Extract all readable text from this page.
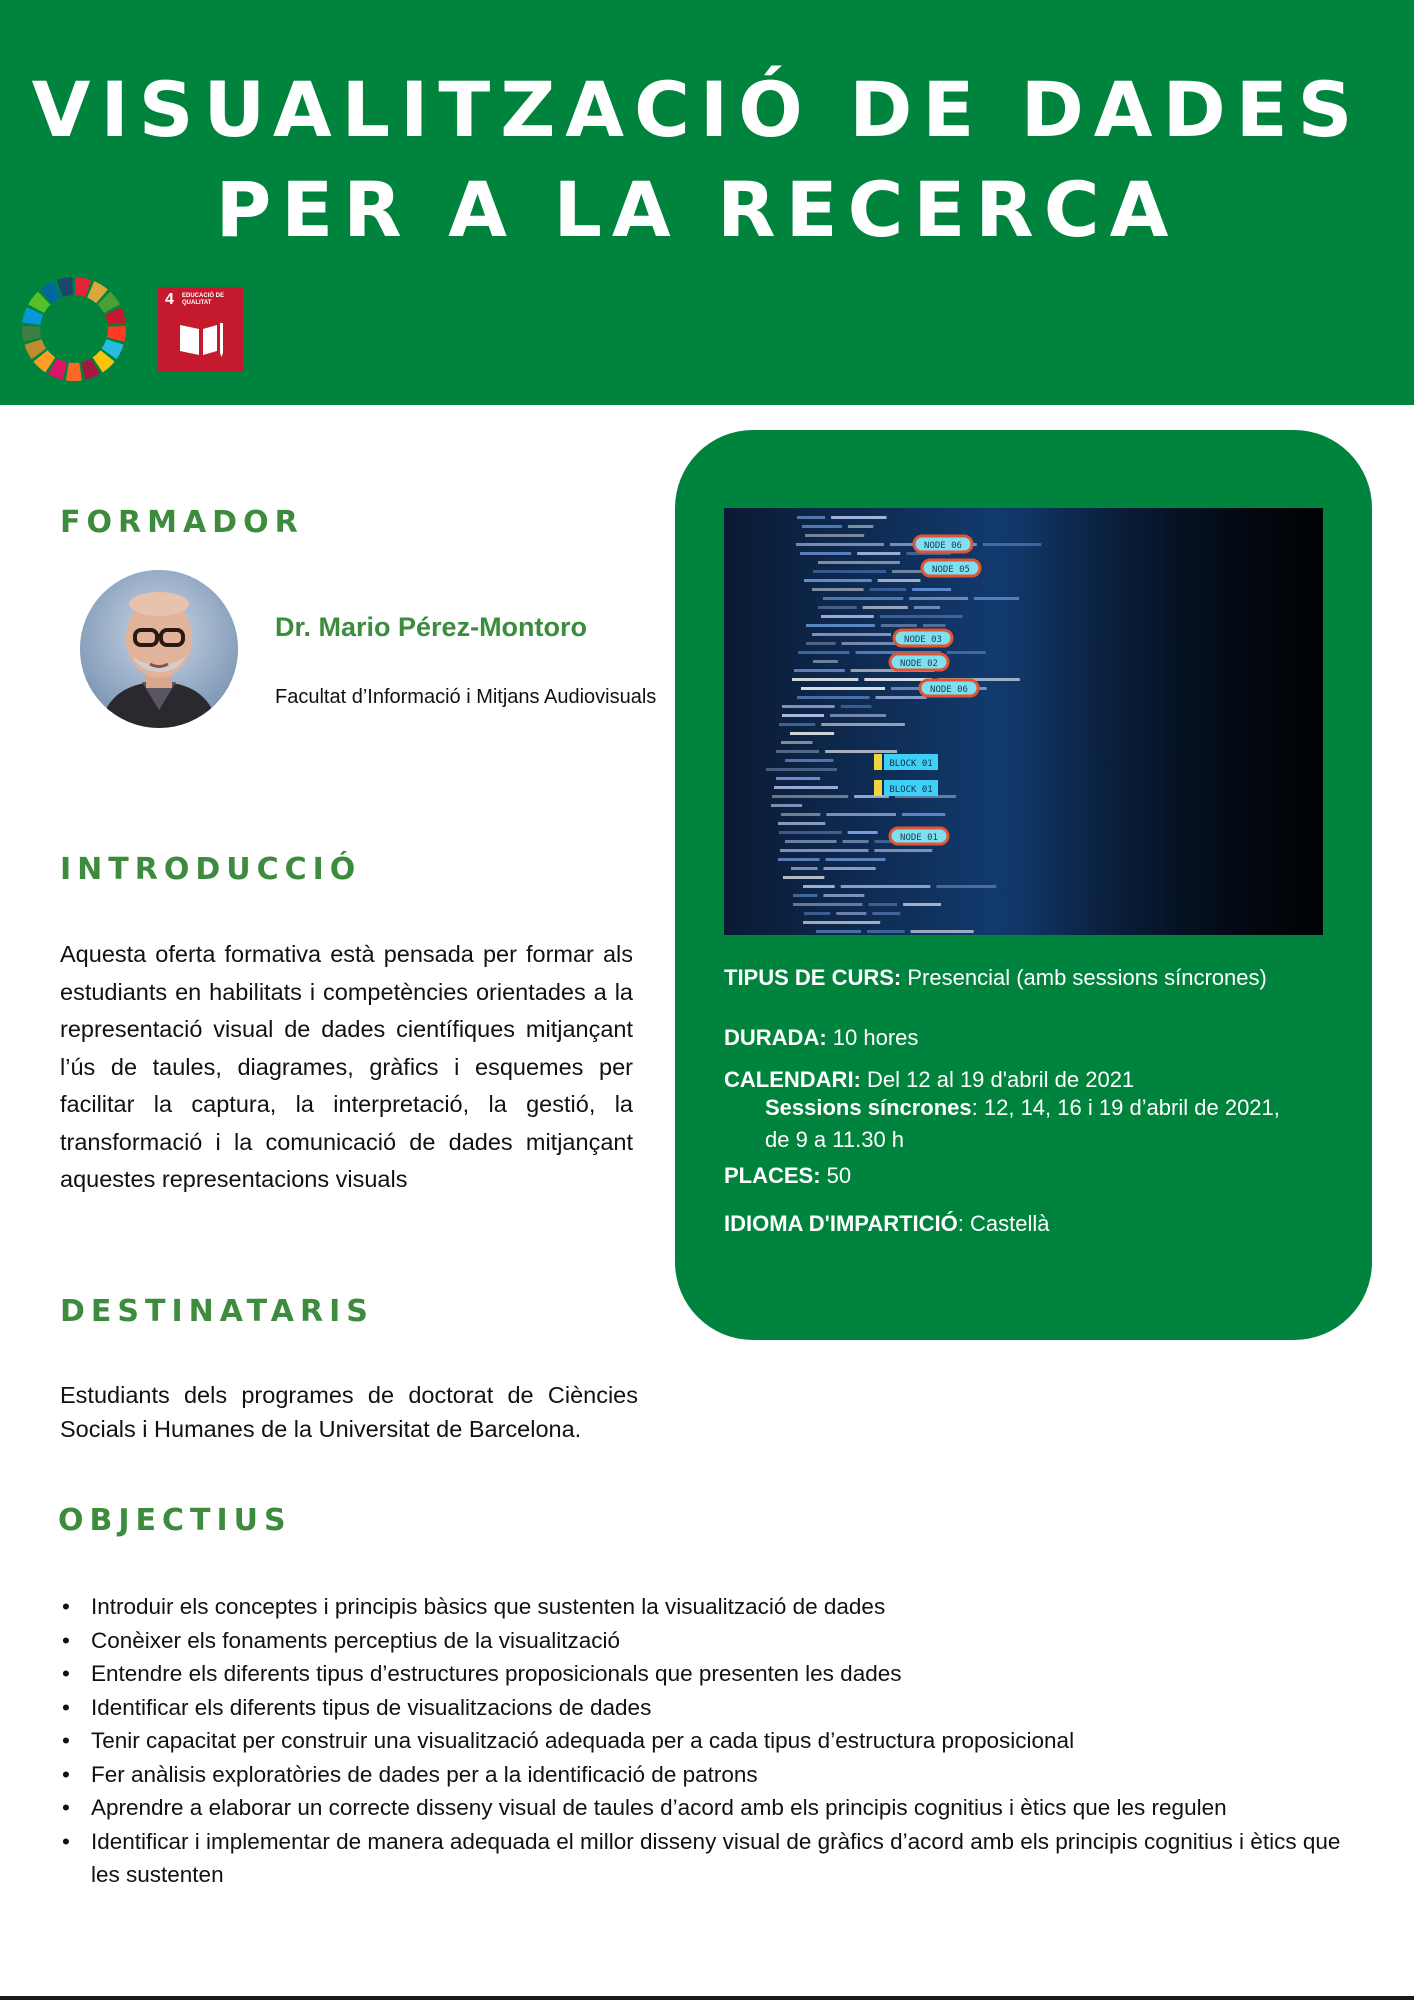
VISUALITZACIÓ DE DADES
PER A LA RECERCA
4 EDUCACIÓ DE QUALITAT
FORMADOR
Dr. Mario Pérez-Montoro
Facultat d’Informació i Mitjans Audiovisuals
INTRODUCCIÓ
Aquesta oferta formativa està pensada per formar als estudiants en habilitats i competències orientades a la representació visual de dades científiques mitjançant l’ús de taules, diagrames, gràfics i esquemes per facilitar la captura, la interpretació, la gestió, la transformació i la comunicació de dades mitjançant aquestes representacions visuals
DESTINATARIS
Estudiants dels programes de doctorat de Ciències Socials i Humanes de la Universitat de Barcelona.
NODE 06
NODE 05
NODE 03
NODE 02
NODE 06
BLOCK 01
BLOCK 01
NODE 01
TIPUS DE CURS: Presencial (amb sessions síncrones)
DURADA: 10 hores
CALENDARI: Del 12 al 19 d'abril de 2021
Sessions síncrones: 12, 14, 16 i 19 d’abril de 2021,
de 9 a 11.30 h
PLACES: 50
IDIOMA D'IMPARTICIÓ: Castellà
OBJECTIUS
• Introduir els conceptes i principis bàsics que sustenten la visualització de dades
• Conèixer els fonaments perceptius de la visualització
• Entendre els diferents tipus d’estructures proposicionals que presenten les dades
• Identificar els diferents tipus de visualitzacions de dades
• Tenir capacitat per construir una visualització adequada per a cada tipus d’estructura proposicional
• Fer anàlisis exploratòries de dades per a la identificació de patrons
• Aprendre a elaborar un correcte disseny visual de taules d’acord amb els principis cognitius i ètics que les regulen
• Identificar i implementar de manera adequada el millor disseny visual de gràfics d’acord amb els principis cognitius i ètics que les sustenten
